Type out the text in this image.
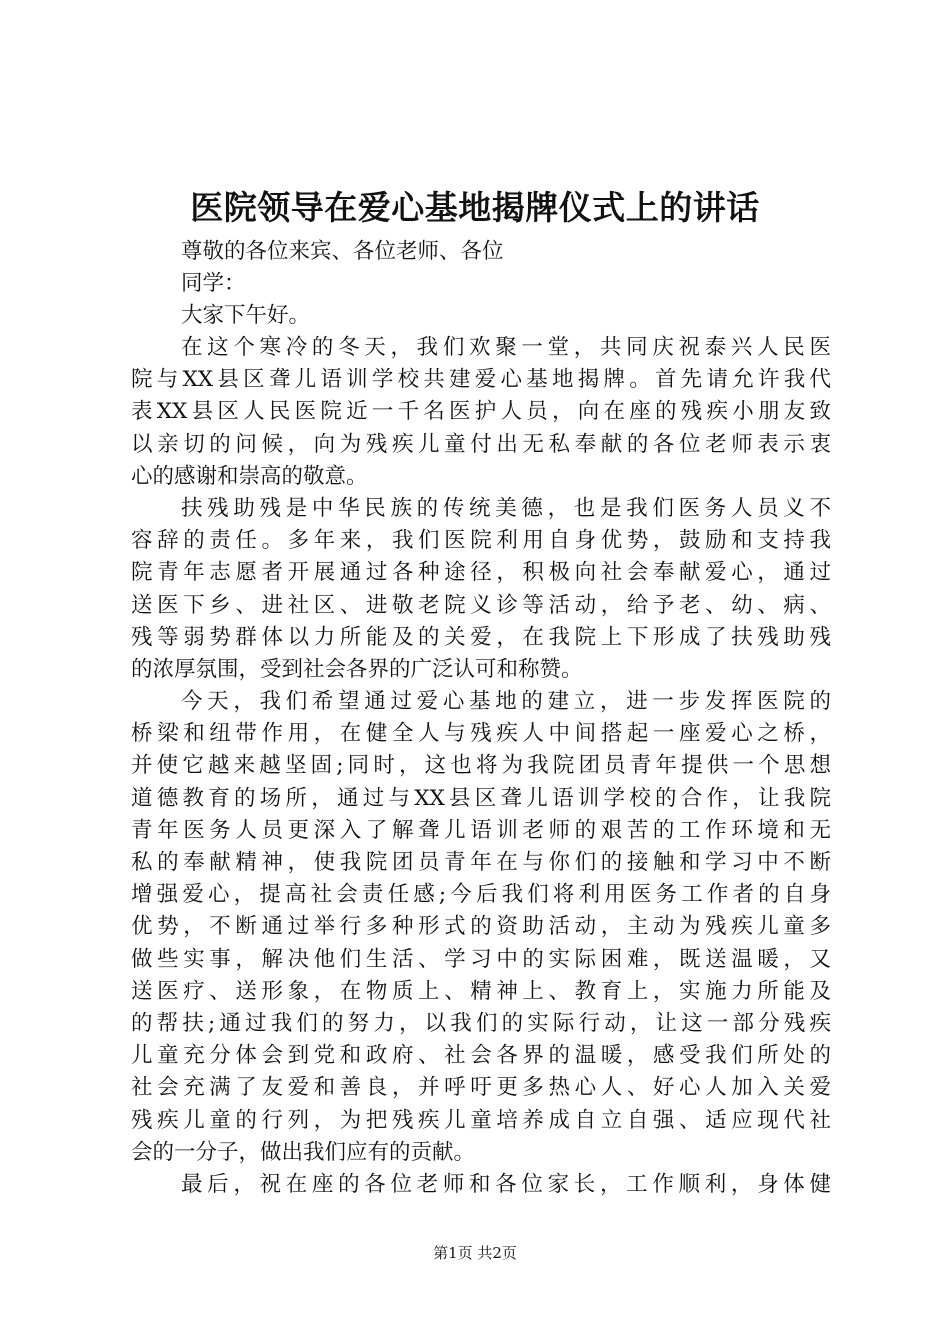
医院领导在爱心基地揭牌仪式上的讲话
尊敬的各位来宾、各位老师、各位
同学：
大家下午好。
在这个寒冷的冬天，我们欢聚一堂，共同庆祝泰兴人民医
院与XX县区聋儿语训学校共建爱心基地揭牌。首先请允许我代
表XX县区人民医院近一千名医护人员，向在座的残疾小朋友致
以亲切的问候，向为残疾儿童付出无私奉献的各位老师表示衷
心的感谢和崇高的敬意。
扶残助残是中华民族的传统美德，也是我们医务人员义不
容辞的责任。多年来，我们医院利用自身优势，鼓励和支持我
院青年志愿者开展通过各种途径，积极向社会奉献爱心，通过
送医下乡、进社区、进敬老院义诊等活动，给予老、幼、病、
残等弱势群体以力所能及的关爱，在我院上下形成了扶残助残
的浓厚氛围，受到社会各界的广泛认可和称赞。
今天，我们希望通过爱心基地的建立，进一步发挥医院的
桥梁和纽带作用，在健全人与残疾人中间搭起一座爱心之桥，
并使它越来越坚固;同时，这也将为我院团员青年提供一个思想
道德教育的场所，通过与XX县区聋儿语训学校的合作，让我院
青年医务人员更深入了解聋儿语训老师的艰苦的工作环境和无
私的奉献精神，使我院团员青年在与你们的接触和学习中不断
增强爱心，提高社会责任感;今后我们将利用医务工作者的自身
优势，不断通过举行多种形式的资助活动，主动为残疾儿童多
做些实事，解决他们生活、学习中的实际困难，既送温暖，又
送医疗、送形象，在物质上、精神上、教育上，实施力所能及
的帮扶;通过我们的努力，以我们的实际行动，让这一部分残疾
儿童充分体会到党和政府、社会各界的温暖，感受我们所处的
社会充满了友爱和善良，并呼吁更多热心人、好心人加入关爱
残疾儿童的行列，为把残疾儿童培养成自立自强、适应现代社
会的一分子，做出我们应有的贡献。
最后，祝在座的各位老师和各位家长，工作顺利，身体健
第1页 共2页
